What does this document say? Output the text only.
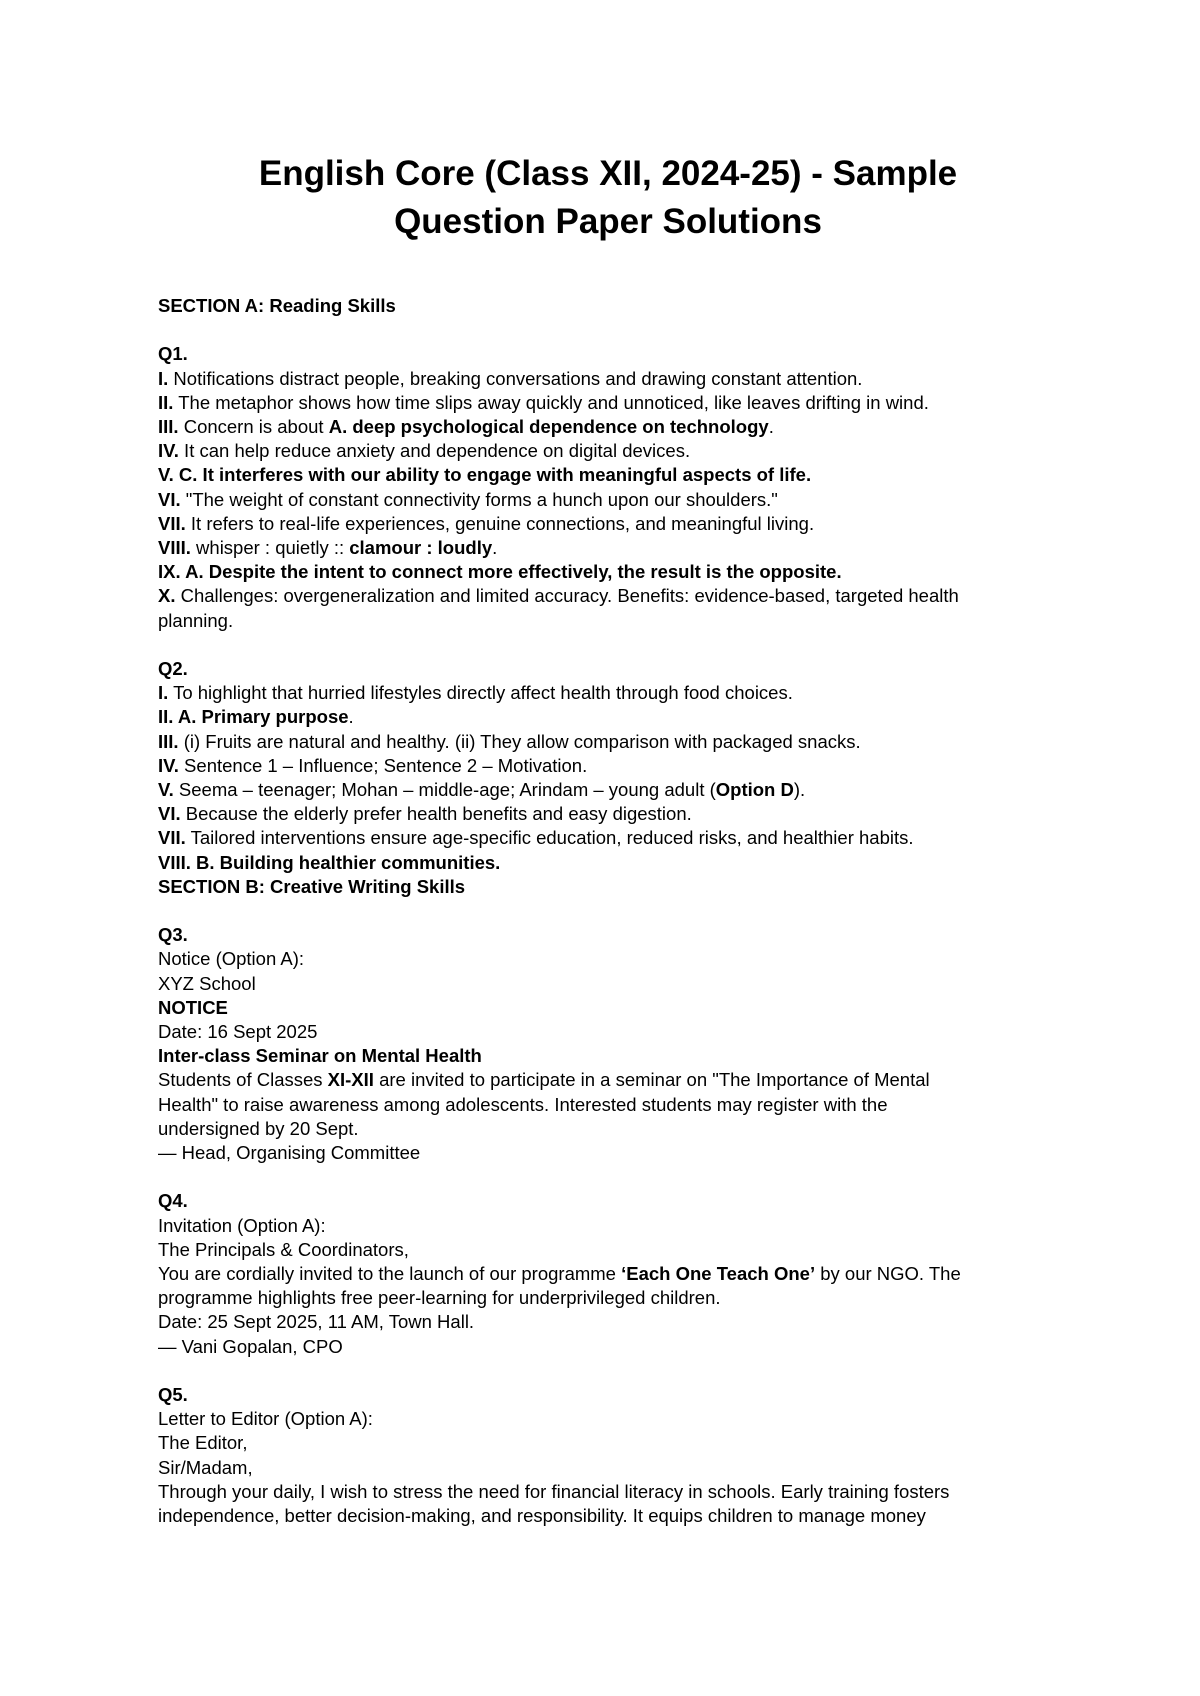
English Core (Class XII, 2024-25) - Sample
Question Paper Solutions
SECTION A: Reading Skills
Q1.
I. Notifications distract people, breaking conversations and drawing constant attention.
II. The metaphor shows how time slips away quickly and unnoticed, like leaves drifting in wind.
III. Concern is about A. deep psychological dependence on technology.
IV. It can help reduce anxiety and dependence on digital devices.
V. C. It interferes with our ability to engage with meaningful aspects of life.
VI. "The weight of constant connectivity forms a hunch upon our shoulders."
VII. It refers to real-life experiences, genuine connections, and meaningful living.
VIII. whisper : quietly :: clamour : loudly.
IX. A. Despite the intent to connect more effectively, the result is the opposite.
X. Challenges: overgeneralization and limited accuracy. Benefits: evidence-based, targeted health
planning.
Q2.
I. To highlight that hurried lifestyles directly affect health through food choices.
II. A. Primary purpose.
III. (i) Fruits are natural and healthy. (ii) They allow comparison with packaged snacks.
IV. Sentence 1 – Influence; Sentence 2 – Motivation.
V. Seema – teenager; Mohan – middle-age; Arindam – young adult (Option D).
VI. Because the elderly prefer health benefits and easy digestion.
VII. Tailored interventions ensure age-specific education, reduced risks, and healthier habits.
VIII. B. Building healthier communities.
SECTION B: Creative Writing Skills
Q3.
Notice (Option A):
XYZ School
NOTICE
Date: 16 Sept 2025
Inter-class Seminar on Mental Health
Students of Classes XI-XII are invited to participate in a seminar on "The Importance of Mental
Health" to raise awareness among adolescents. Interested students may register with the
undersigned by 20 Sept.
— Head, Organising Committee
Q4.
Invitation (Option A):
The Principals & Coordinators,
You are cordially invited to the launch of our programme ‘Each One Teach One’ by our NGO. The
programme highlights free peer-learning for underprivileged children.
Date: 25 Sept 2025, 11 AM, Town Hall.
— Vani Gopalan, CPO
Q5.
Letter to Editor (Option A):
The Editor,
Sir/Madam,
Through your daily, I wish to stress the need for financial literacy in schools. Early training fosters
independence, better decision-making, and responsibility. It equips children to manage money
